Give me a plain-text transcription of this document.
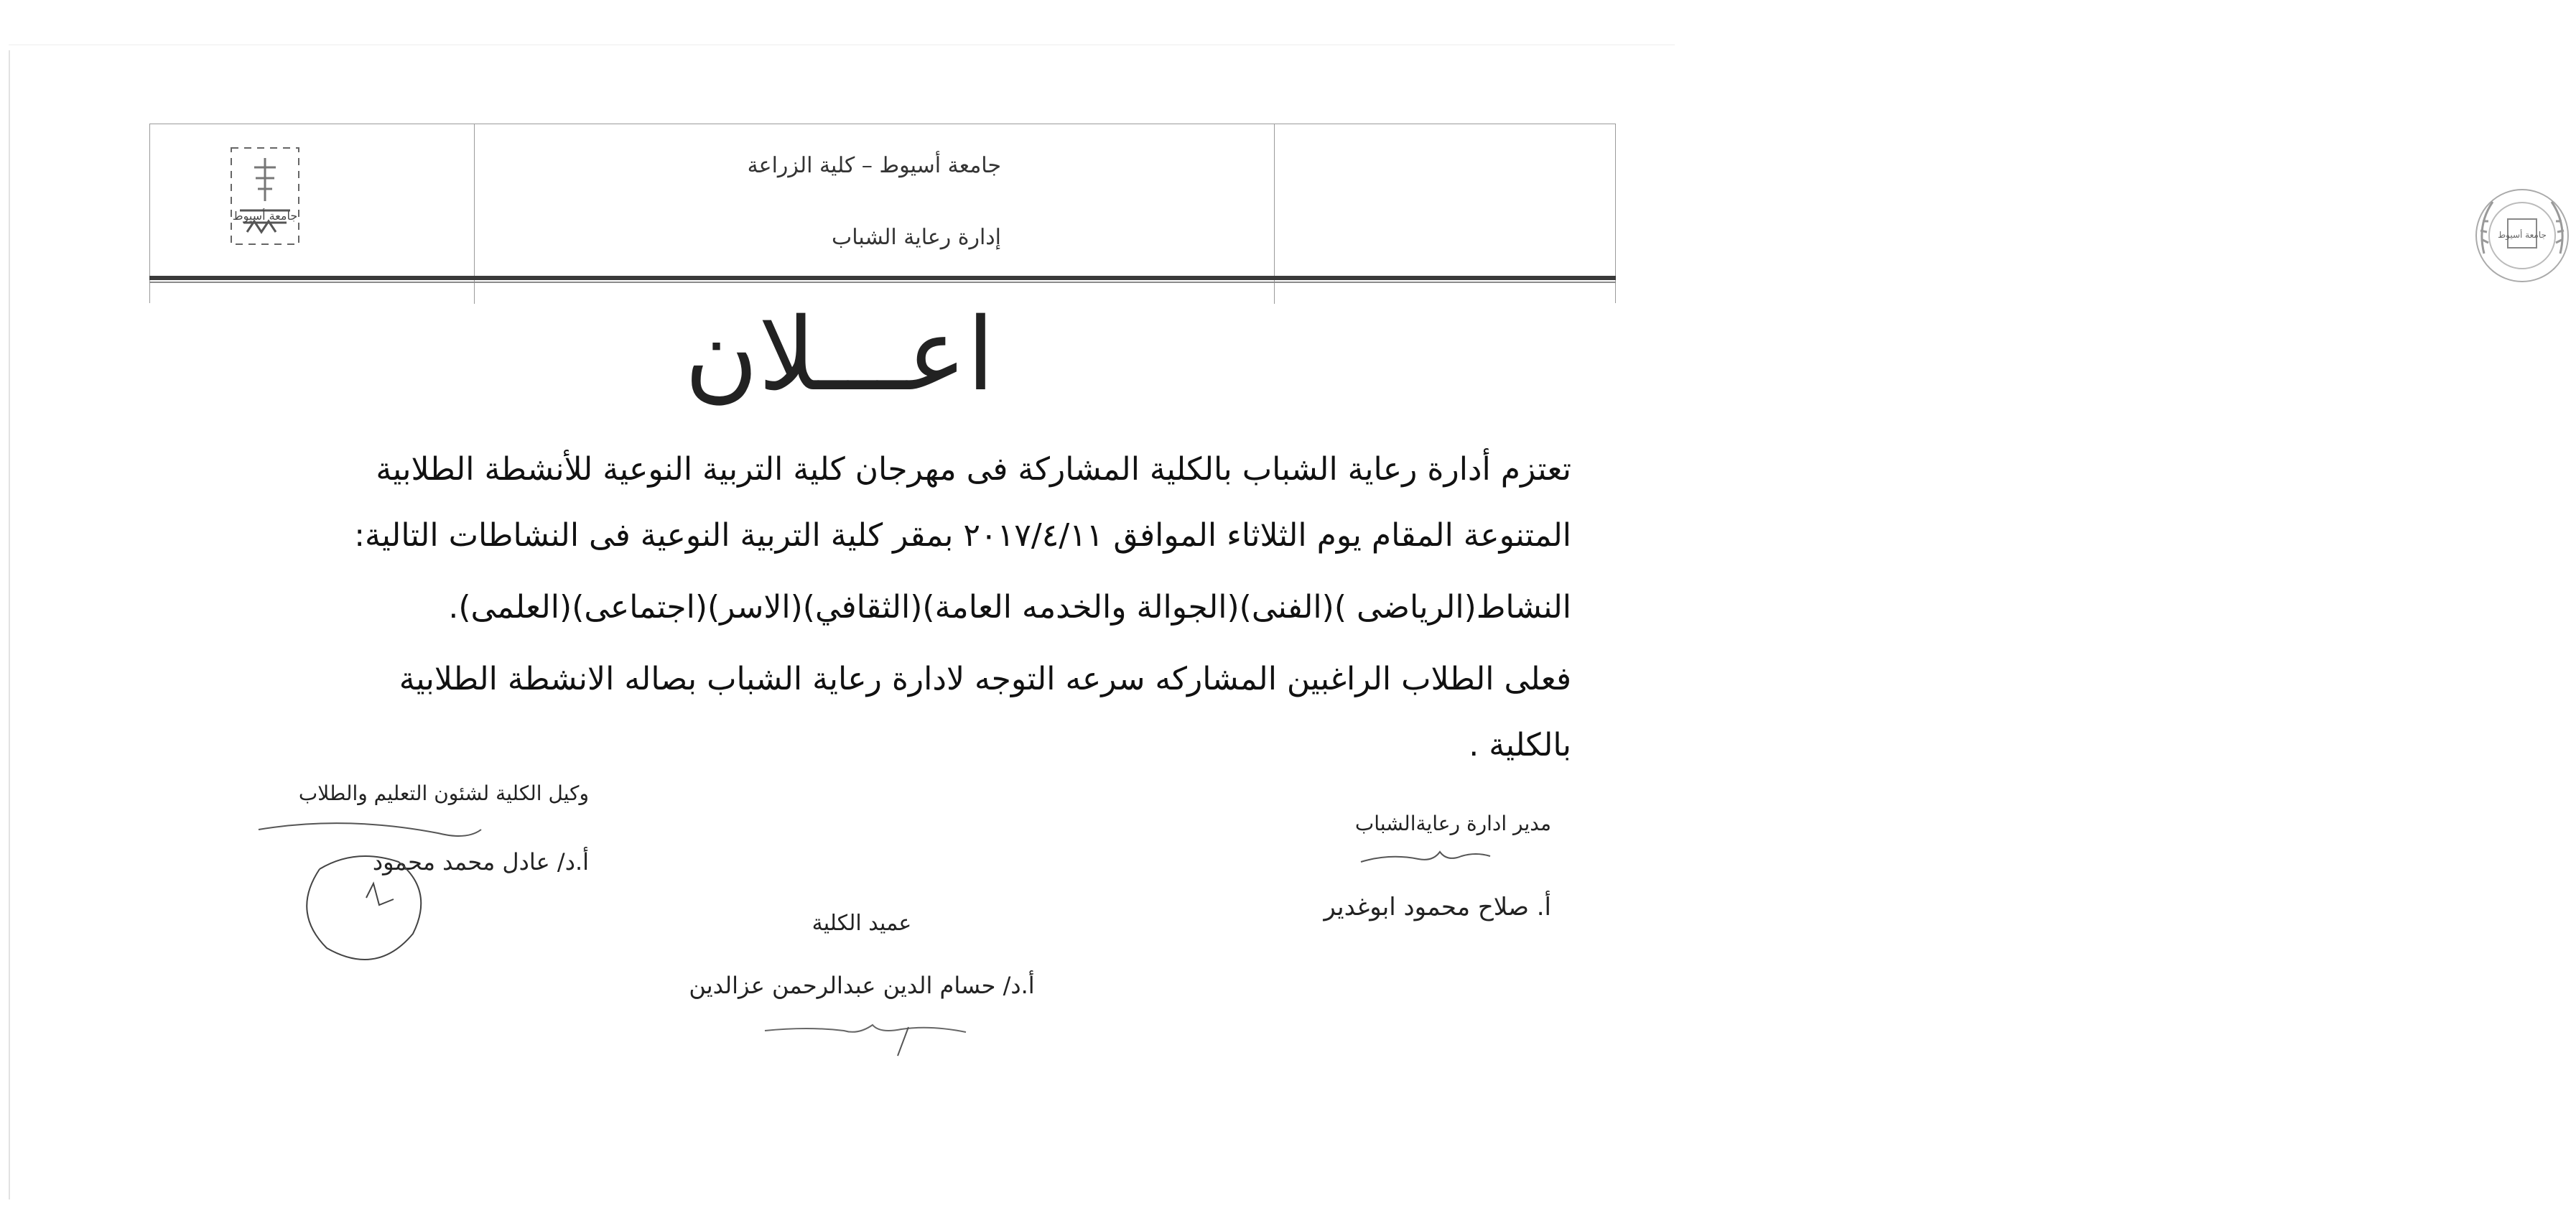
جامعة أسيوط
جامعة أسيوط – كلية الزراعة
إدارة رعاية الشباب	جامعة أسيوط
اعـــلان
تعتزم أدارة رعاية الشباب بالكلية المشاركة فى مهرجان كلية التربية النوعية للأنشطة الطلابية
المتنوعة المقام يوم الثلاثاء الموافق ٢٠١٧/٤/١١ بمقر كلية التربية النوعية فى النشاطات التالية:
النشاط(الرياضى )(الفنى)(الجوالة والخدمه العامة)(الثقافي)(الاسر)(اجتماعى)(العلمى).
فعلى الطلاب الراغبين المشاركه سرعه التوجه لادارة رعاية الشباب بصاله الانشطة الطلابية
بالكلية .
وكيل الكلية لشئون التعليم والطلاب
أ.د/ عادل محمد محمود
مدير ادارة رعايةالشباب
أ. صلاح محمود ابوغدير
عميد الكلية
أ.د/ حسام الدين عبدالرحمن عزالدين
